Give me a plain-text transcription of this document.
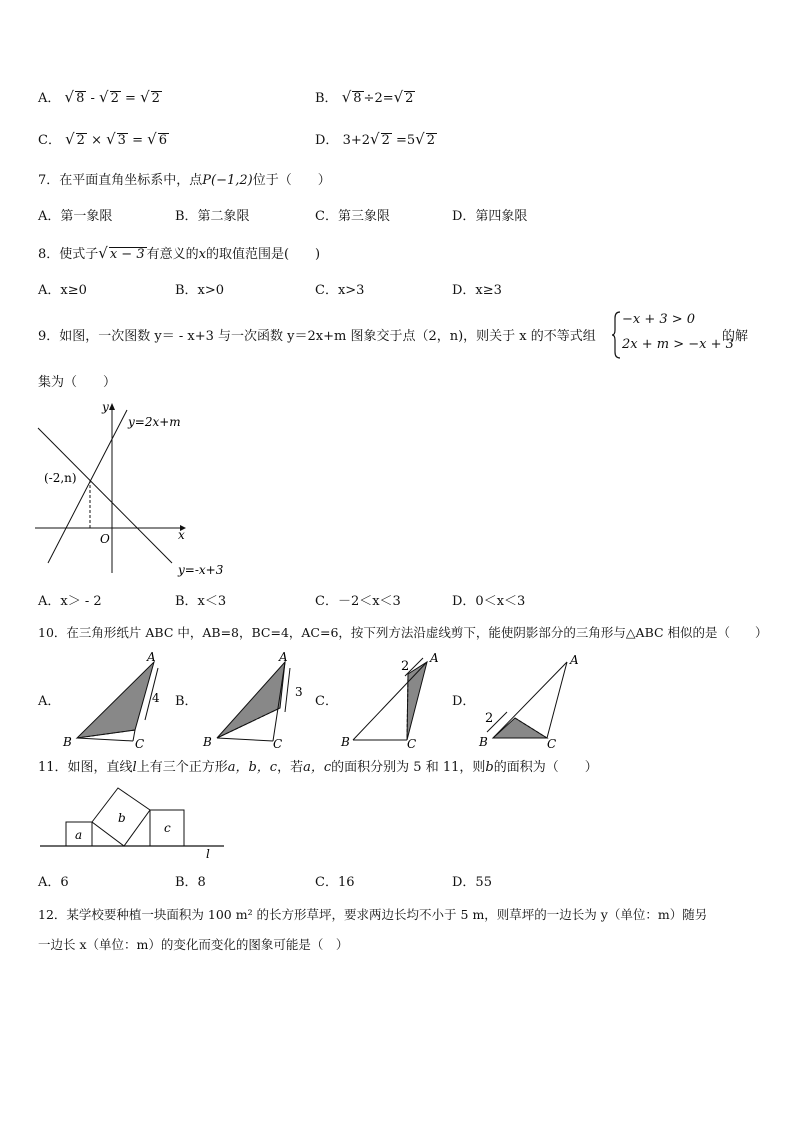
A． √ 8 - √ 2 = √ 2	B． √ 8 ÷2=√ 2
C． √ 2 × √ 3 = √ 6	D． 3+2√ 2 =5√ 2
7．在平面直角坐标系中，点P(−1,2)位于（　　）
A．第一象限	B．第二象限	C．第三象限	D．第四象限
8．使式子√ x − 3 有意义的x的取值范围是(　　)
A．x≥0	B．x>0	C．x>3	D．x≥3
9．如图，一次图数 y＝ - x+3 与一次函数 y＝2x+m 图象交于点（2，n)，则关于 x 的不等式组
−x + 3 > 0
2x + m > −x + 3
的解
集为（　　）
y
x
O
y=2x+m
y=-x+3
(-2,n)
A．x＞ - 2	B．x＜3	C．－2＜x＜3	D．0＜x＜3
10．在三角形纸片 ABC 中，AB=8，BC=4，AC=6，按下列方法沿虚线剪下，能使阴影部分的三角形与△ABC 相似的是（　　）
A．	4
A
B	C
B．
3
A
B	C
C．
2
A
B	C
D．
2
A
B	C
11．如图，直线l上有三个正方形a，b，c，若a，c的面积分别为 5 和 11，则b的面积为（　　）
a
b
c
l
A．6	B．8	C．16	D．55
12．某学校要种植一块面积为 100 m² 的长方形草坪，要求两边长均不小于 5 m，则草坪的一边长为 y（单位：m）随另
一边长 x（单位：m）的变化而变化的图象可能是（　）
